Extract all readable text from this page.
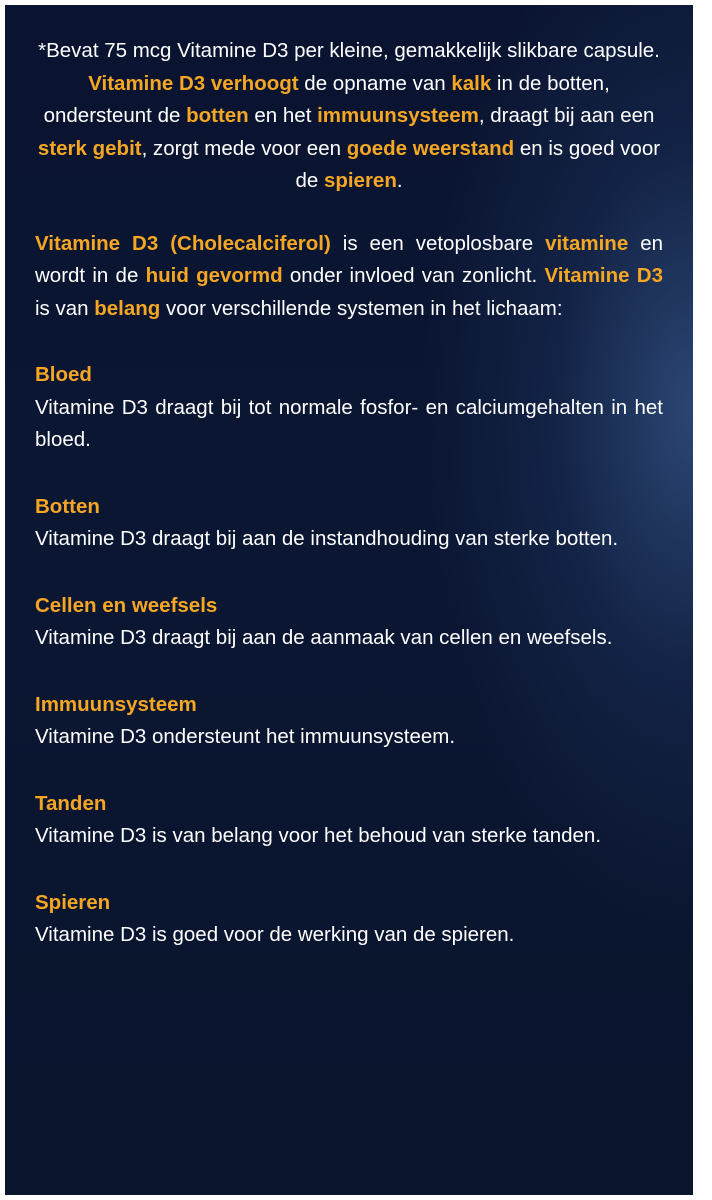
*Bevat 75 mcg Vitamine D3 per kleine, gemakkelijk slikbare capsule. Vitamine D3 verhoogt de opname van kalk in de botten, ondersteunt de botten en het immuunsysteem, draagt bij aan een sterk gebit, zorgt mede voor een goede weerstand en is goed voor de spieren.

Vitamine D3 (Cholecalciferol) is een vetoplosbare vitamine en wordt in de huid gevormd onder invloed van zonlicht. Vitamine D3 is van belang voor verschillende systemen in het lichaam:

Bloed

Vitamine D3 draagt bij tot normale fosfor- en calciumgehalten in het bloed.

Botten

Vitamine D3 draagt bij aan de instandhouding van sterke botten.

Cellen en weefsels

Vitamine D3 draagt bij aan de aanmaak van cellen en weefsels.

Immuunsysteem

Vitamine D3 ondersteunt het immuunsysteem.

Tanden

Vitamine D3 is van belang voor het behoud van sterke tanden.

Spieren

Vitamine D3 is goed voor de werking van de spieren.
